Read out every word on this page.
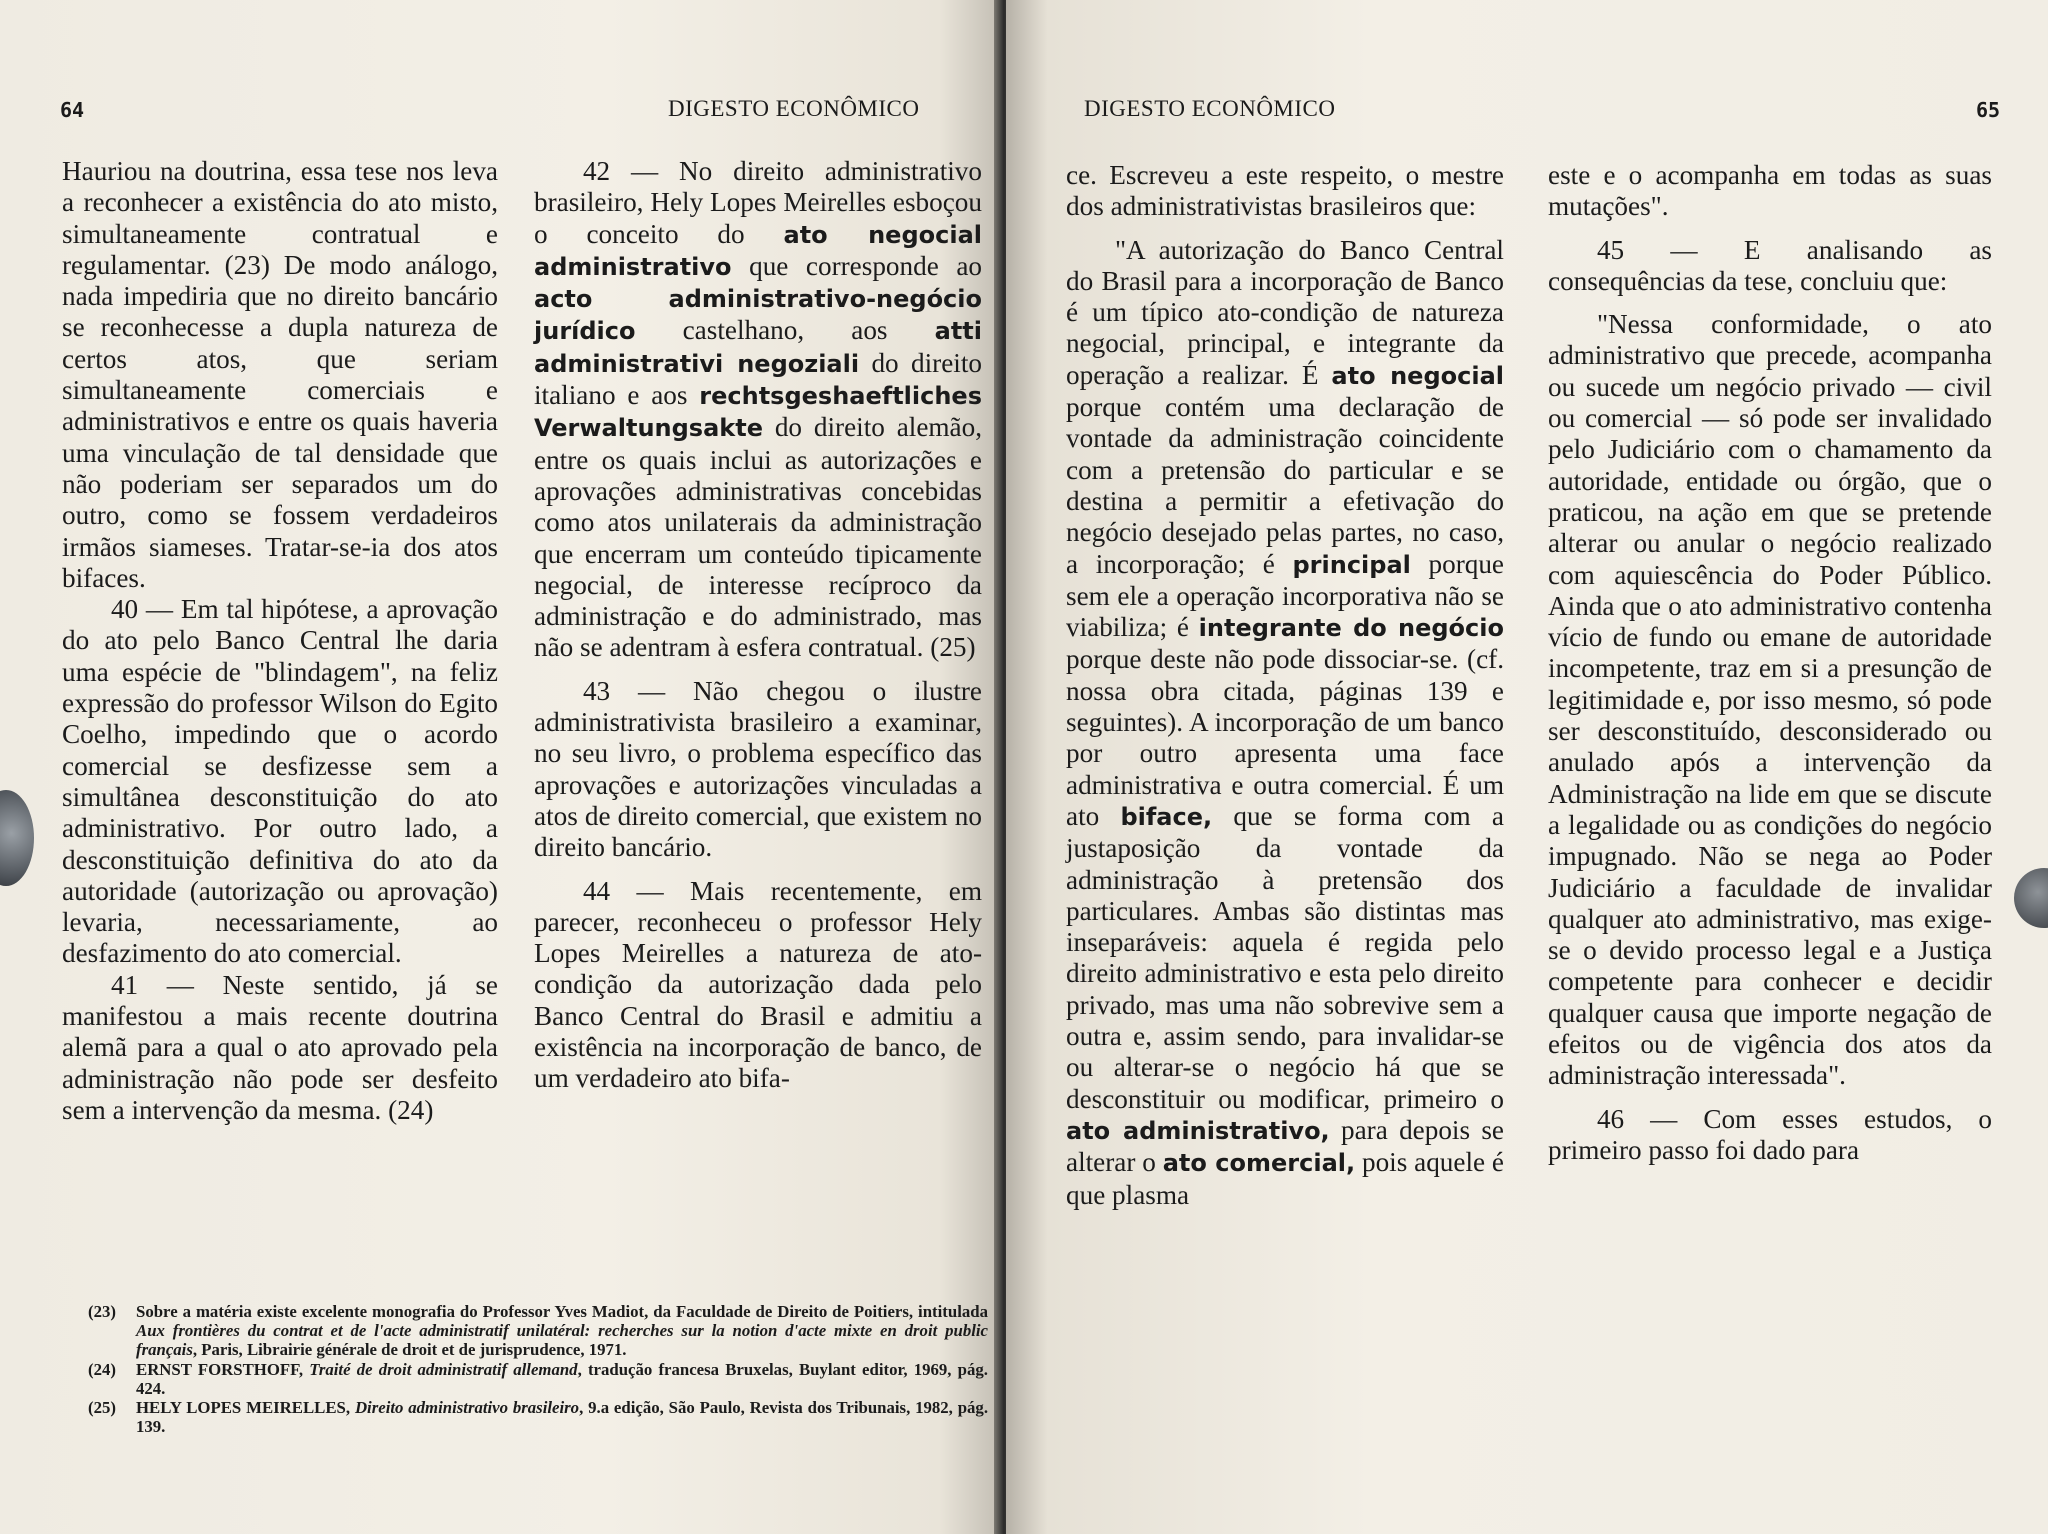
64	DIGESTO ECONÔMICO

Hauriou na doutrina, essa tese nos leva a reconhecer a existência do ato misto, simultaneamente contratual e regulamentar. (23) De modo análogo, nada impediria que no direito bancário se reconhecesse a dupla natureza de certos atos, que seriam simultaneamente comerciais e administrativos e entre os quais haveria uma vinculação de tal densidade que não poderiam ser separados um do outro, como se fossem verdadeiros irmãos siameses. Tratar-se-ia dos atos bifaces.

40 — Em tal hipótese, a aprovação do ato pelo Banco Central lhe daria uma espécie de "blindagem", na feliz expressão do professor Wilson do Egito Coelho, impedindo que o acordo comercial se desfizesse sem a simultânea desconstituição do ato administrativo. Por outro lado, a desconstituição definitiva do ato da autoridade (autorização ou aprovação) levaria, necessariamente, ao desfazimento do ato comercial.

41 — Neste sentido, já se manifestou a mais recente doutrina alemã para a qual o ato aprovado pela administração não pode ser desfeito sem a intervenção da mesma. (24)

42 — No direito administrativo brasileiro, Hely Lopes Meirelles esboçou o conceito do ato negocial administrativo que corresponde ao acto administrativo-negócio jurídico castelhano, aos atti administrativi negoziali do direito italiano e aos rechtsgeshaeftliches Verwaltungsakte do direito alemão, entre os quais inclui as autorizações e aprovações administrativas concebidas como atos unilaterais da administração que encerram um conteúdo tipicamente negocial, de interesse recíproco da administração e do administrado, mas não se adentram à esfera contratual. (25)

43 — Não chegou o ilustre administrativista brasileiro a examinar, no seu livro, o problema específico das aprovações e autorizações vinculadas a atos de direito comercial, que existem no direito bancário.

44 — Mais recentemente, em parecer, reconheceu o professor Hely Lopes Meirelles a natureza de ato-condição da autorização dada pelo Banco Central do Brasil e admitiu a existência na incorporação de banco, de um verdadeiro ato bifa-

(23) Sobre a matéria existe excelente monografia do Professor Yves Madiot, da Faculdade de Direito de Poitiers, intitulada Aux frontières du contrat et de l'acte administratif unilatéral: recherches sur la notion d'acte mixte en droit public français, Paris, Librairie générale de droit et de jurisprudence, 1971.
(24) ERNST FORSTHOFF, Traité de droit administratif allemand, tradução francesa Bruxelas, Buylant editor, 1969, pág. 424.
(25) HELY LOPES MEIRELLES, Direito administrativo brasileiro, 9.a edição, São Paulo, Revista dos Tribunais, 1982, pág. 139.
DIGESTO ECONÔMICO	65

ce. Escreveu a este respeito, o mestre dos administrativistas brasileiros que:

"A autorização do Banco Central do Brasil para a incorporação de Banco é um típico ato-condição de natureza negocial, principal, e integrante da operação a realizar. É ato negocial porque contém uma declaração de vontade da administração coincidente com a pretensão do particular e se destina a permitir a efetivação do negócio desejado pelas partes, no caso, a incorporação; é principal porque sem ele a operação incorporativa não se viabiliza; é integrante do negócio porque deste não pode dissociar-se. (cf. nossa obra citada, páginas 139 e seguintes). A incorporação de um banco por outro apresenta uma face administrativa e outra comercial. É um ato biface, que se forma com a justaposição da vontade da administração à pretensão dos particulares. Ambas são distintas mas inseparáveis: aquela é regida pelo direito administrativo e esta pelo direito privado, mas uma não sobrevive sem a outra e, assim sendo, para invalidar-se ou alterar-se o negócio há que se desconstituir ou modificar, primeiro o ato administrativo, para depois se alterar o ato comercial, pois aquele é que plasma

este e o acompanha em todas as suas mutações".

45 — E analisando as consequências da tese, concluiu que:

"Nessa conformidade, o ato administrativo que precede, acompanha ou sucede um negócio privado — civil ou comercial — só pode ser invalidado pelo Judiciário com o chamamento da autoridade, entidade ou órgão, que o praticou, na ação em que se pretende alterar ou anular o negócio realizado com aquiescência do Poder Público. Ainda que o ato administrativo contenha vício de fundo ou emane de autoridade incompetente, traz em si a presunção de legitimidade e, por isso mesmo, só pode ser desconstituído, desconsiderado ou anulado após a intervenção da Administração na lide em que se discute a legalidade ou as condições do negócio impugnado. Não se nega ao Poder Judiciário a faculdade de invalidar qualquer ato administrativo, mas exige-se o devido processo legal e a Justiça competente para conhecer e decidir qualquer causa que importe negação de efeitos ou de vigência dos atos da administração interessada".

46 — Com esses estudos, o primeiro passo foi dado para
